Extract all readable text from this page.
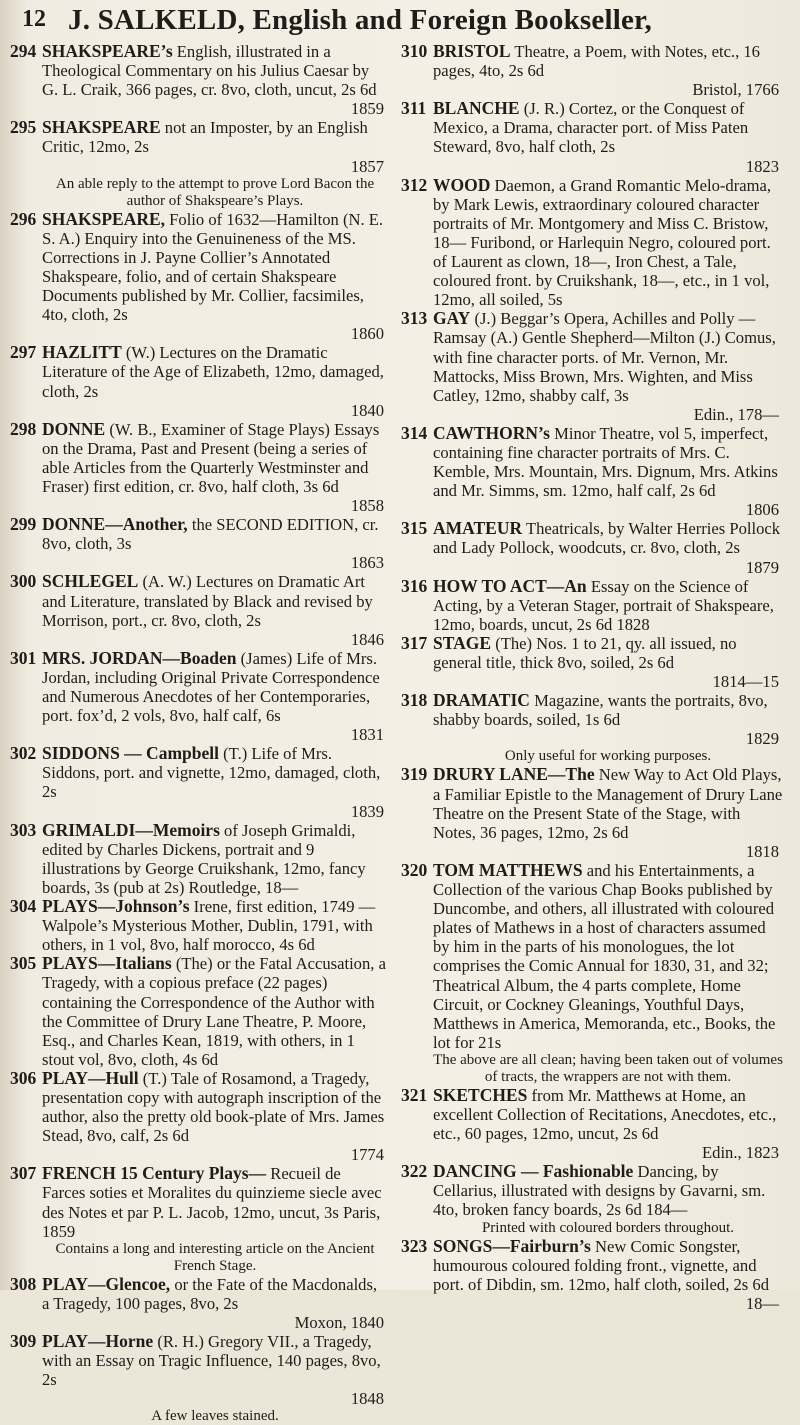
12 J. SALKELD, English and Foreign Bookseller,
294 SHAKSPEARE’s English, illustrated in a Theological Commentary on his Julius Caesar by G. L. Craik, 366 pages, cr. 8vo, cloth, uncut, 2s 6d
1859
295 SHAKSPEARE not an Imposter, by an English Critic, 12mo, 2s
1857
An able reply to the attempt to prove Lord Bacon the author of Shakspeare’s Plays.
296 SHAKSPEARE, Folio of 1632—Hamilton (N. E. S. A.) Enquiry into the Genuineness of the MS. Corrections in J. Payne Collier’s Annotated Shakspeare, folio, and of certain Shakspeare Documents published by Mr. Collier, facsimiles, 4to, cloth, 2s
1860
297 HAZLITT (W.) Lectures on the Dramatic Literature of the Age of Elizabeth, 12mo, damaged, cloth, 2s
1840
298 DONNE (W. B., Examiner of Stage Plays) Essays on the Drama, Past and Present (being a series of able Articles from the Quarterly Westminster and Fraser) first edition, cr. 8vo, half cloth, 3s 6d
1858
299 DONNE—Another, the SECOND EDITION, cr. 8vo, cloth, 3s
1863
300 SCHLEGEL (A. W.) Lectures on Dramatic Art and Literature, translated by Black and revised by Morrison, port., cr. 8vo, cloth, 2s
1846
301 MRS. JORDAN—Boaden (James) Life of Mrs. Jordan, including Original Private Correspondence and Numerous Anecdotes of her Contemporaries, port. fox’d, 2 vols, 8vo, half calf, 6s
1831
302 SIDDONS — Campbell (T.) Life of Mrs. Siddons, port. and vignette, 12mo, damaged, cloth, 2s
1839
303 GRIMALDI—Memoirs of Joseph Grimaldi, edited by Charles Dickens, portrait and 9 illustrations by George Cruikshank, 12mo, fancy boards, 3s (pub at 2s) Routledge, 18—
304 PLAYS—Johnson’s Irene, first edition, 1749 —Walpole’s Mysterious Mother, Dublin, 1791, with others, in 1 vol, 8vo, half morocco, 4s 6d
305 PLAYS—Italians (The) or the Fatal Accusation, a Tragedy, with a copious preface (22 pages) containing the Correspondence of the Author with the Committee of Drury Lane Theatre, P. Moore, Esq., and Charles Kean, 1819, with others, in 1 stout vol, 8vo, cloth, 4s 6d
306 PLAY—Hull (T.) Tale of Rosamond, a Tragedy, presentation copy with autograph inscription of the author, also the pretty old book-plate of Mrs. James Stead, 8vo, calf, 2s 6d
1774
307 FRENCH 15 Century Plays— Recueil de Farces soties et Moralites du quinzieme siecle avec des Notes et par P. L. Jacob, 12mo, uncut, 3s Paris, 1859
Contains a long and interesting article on the Ancient French Stage.
308 PLAY—Glencoe, or the Fate of the Macdonalds, a Tragedy, 100 pages, 8vo, 2s
Moxon, 1840
309 PLAY—Horne (R. H.) Gregory VII., a Tragedy, with an Essay on Tragic Influence, 140 pages, 8vo, 2s
1848
A few leaves stained.
310 BRISTOL Theatre, a Poem, with Notes, etc., 16 pages, 4to, 2s 6d
Bristol, 1766
311 BLANCHE (J. R.) Cortez, or the Conquest of Mexico, a Drama, character port. of Miss Paten Steward, 8vo, half cloth, 2s
1823
312 WOOD Daemon, a Grand Romantic Melo-drama, by Mark Lewis, extraordinary coloured character portraits of Mr. Montgomery and Miss C. Bristow, 18— Furibond, or Harlequin Negro, coloured port. of Laurent as clown, 18—, Iron Chest, a Tale, coloured front. by Cruikshank, 18—, etc., in 1 vol, 12mo, all soiled, 5s
313 GAY (J.) Beggar’s Opera, Achilles and Polly —Ramsay (A.) Gentle Shepherd—Milton (J.) Comus, with fine character ports. of Mr. Vernon, Mr. Mattocks, Miss Brown, Mrs. Wighten, and Miss Catley, 12mo, shabby calf, 3s
Edin., 178—
314 CAWTHORN’s Minor Theatre, vol 5, imperfect, containing fine character portraits of Mrs. C. Kemble, Mrs. Mountain, Mrs. Dignum, Mrs. Atkins and Mr. Simms, sm. 12mo, half calf, 2s 6d
1806
315 AMATEUR Theatricals, by Walter Herries Pollock and Lady Pollock, woodcuts, cr. 8vo, cloth, 2s
1879
316 HOW TO ACT—An Essay on the Science of Acting, by a Veteran Stager, portrait of Shakspeare, 12mo, boards, uncut, 2s 6d 1828
317 STAGE (The) Nos. 1 to 21, qy. all issued, no general title, thick 8vo, soiled, 2s 6d
1814—15
318 DRAMATIC Magazine, wants the portraits, 8vo, shabby boards, soiled, 1s 6d
1829
Only useful for working purposes.
319 DRURY LANE—The New Way to Act Old Plays, a Familiar Epistle to the Management of Drury Lane Theatre on the Present State of the Stage, with Notes, 36 pages, 12mo, 2s 6d
1818
320 TOM MATTHEWS and his Entertainments, a Collection of the various Chap Books published by Duncombe, and others, all illustrated with coloured plates of Mathews in a host of characters assumed by him in the parts of his monologues, the lot comprises the Comic Annual for 1830, 31, and 32; Theatrical Album, the 4 parts complete, Home Circuit, or Cockney Gleanings, Youthful Days, Matthews in America, Memoranda, etc., Books, the lot for 21s
The above are all clean; having been taken out of volumes of tracts, the wrappers are not with them.
321 SKETCHES from Mr. Matthews at Home, an excellent Collection of Recitations, Anecdotes, etc., etc., 60 pages, 12mo, uncut, 2s 6d
Edin., 1823
322 DANCING — Fashionable Dancing, by Cellarius, illustrated with designs by Gavarni, sm. 4to, broken fancy boards, 2s 6d 184—
Printed with coloured borders throughout.
323 SONGS—Fairburn’s New Comic Songster, humourous coloured folding front., vignette, and port. of Dibdin, sm. 12mo, half cloth, soiled, 2s 6d
18—
